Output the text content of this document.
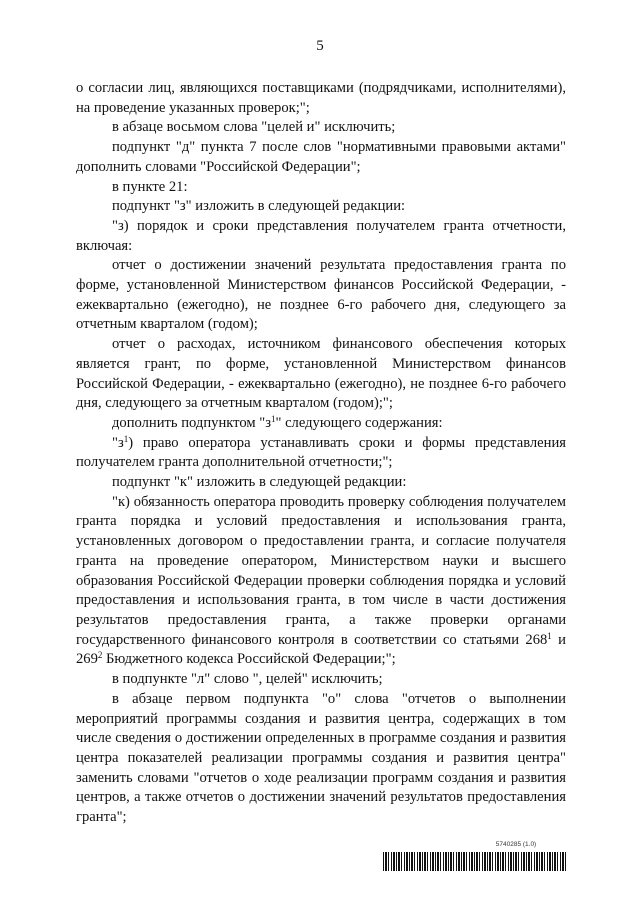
5

о согласии лиц, являющихся поставщиками (подрядчиками, исполнителями), на проведение указанных проверок;";

в абзаце восьмом слова "целей и" исключить;

подпункт "д" пункта 7 после слов "нормативными правовыми актами" дополнить словами "Российской Федерации";

в пункте 21:

подпункт "з" изложить в следующей редакции:

"з) порядок и сроки представления получателем гранта отчетности, включая:

отчет о достижении значений результата предоставления гранта по форме, установленной Министерством финансов Российской Федерации, - ежеквартально (ежегодно), не позднее 6-го рабочего дня, следующего за отчетным кварталом (годом);

отчет о расходах, источником финансового обеспечения которых является грант, по форме, установленной Министерством финансов Российской Федерации, - ежеквартально (ежегодно), не позднее 6-го рабочего дня, следующего за отчетным кварталом (годом);";

дополнить подпунктом "$з^1$" следующего содержания:

"$з^1$) право оператора устанавливать сроки и формы представления получателем гранта дополнительной отчетности;";

подпункт "к" изложить в следующей редакции:

"к) обязанность оператора проводить проверку соблюдения получателем гранта порядка и условий предоставления и использования гранта, установленных договором о предоставлении гранта, и согласие получателя гранта на проведение оператором, Министерством науки и высшего образования Российской Федерации проверки соблюдения порядка и условий предоставления и использования гранта, в том числе в части достижения результатов предоставления гранта, а также проверки органами государственного финансового контроля в соответствии со статьями $268^1$ и $269^2$ Бюджетного кодекса Российской Федерации;";

в подпункте "л" слово ", целей" исключить;

в абзаце первом подпункта "о" слова "отчетов о выполнении мероприятий программы создания и развития центра, содержащих в том числе сведения о достижении определенных в программе создания и развития центра показателей реализации программы создания и развития центра" заменить словами "отчетов о ходе реализации программ создания и развития центров, а также отчетов о достижении значений результатов предоставления гранта";

5740285 (1.0)
